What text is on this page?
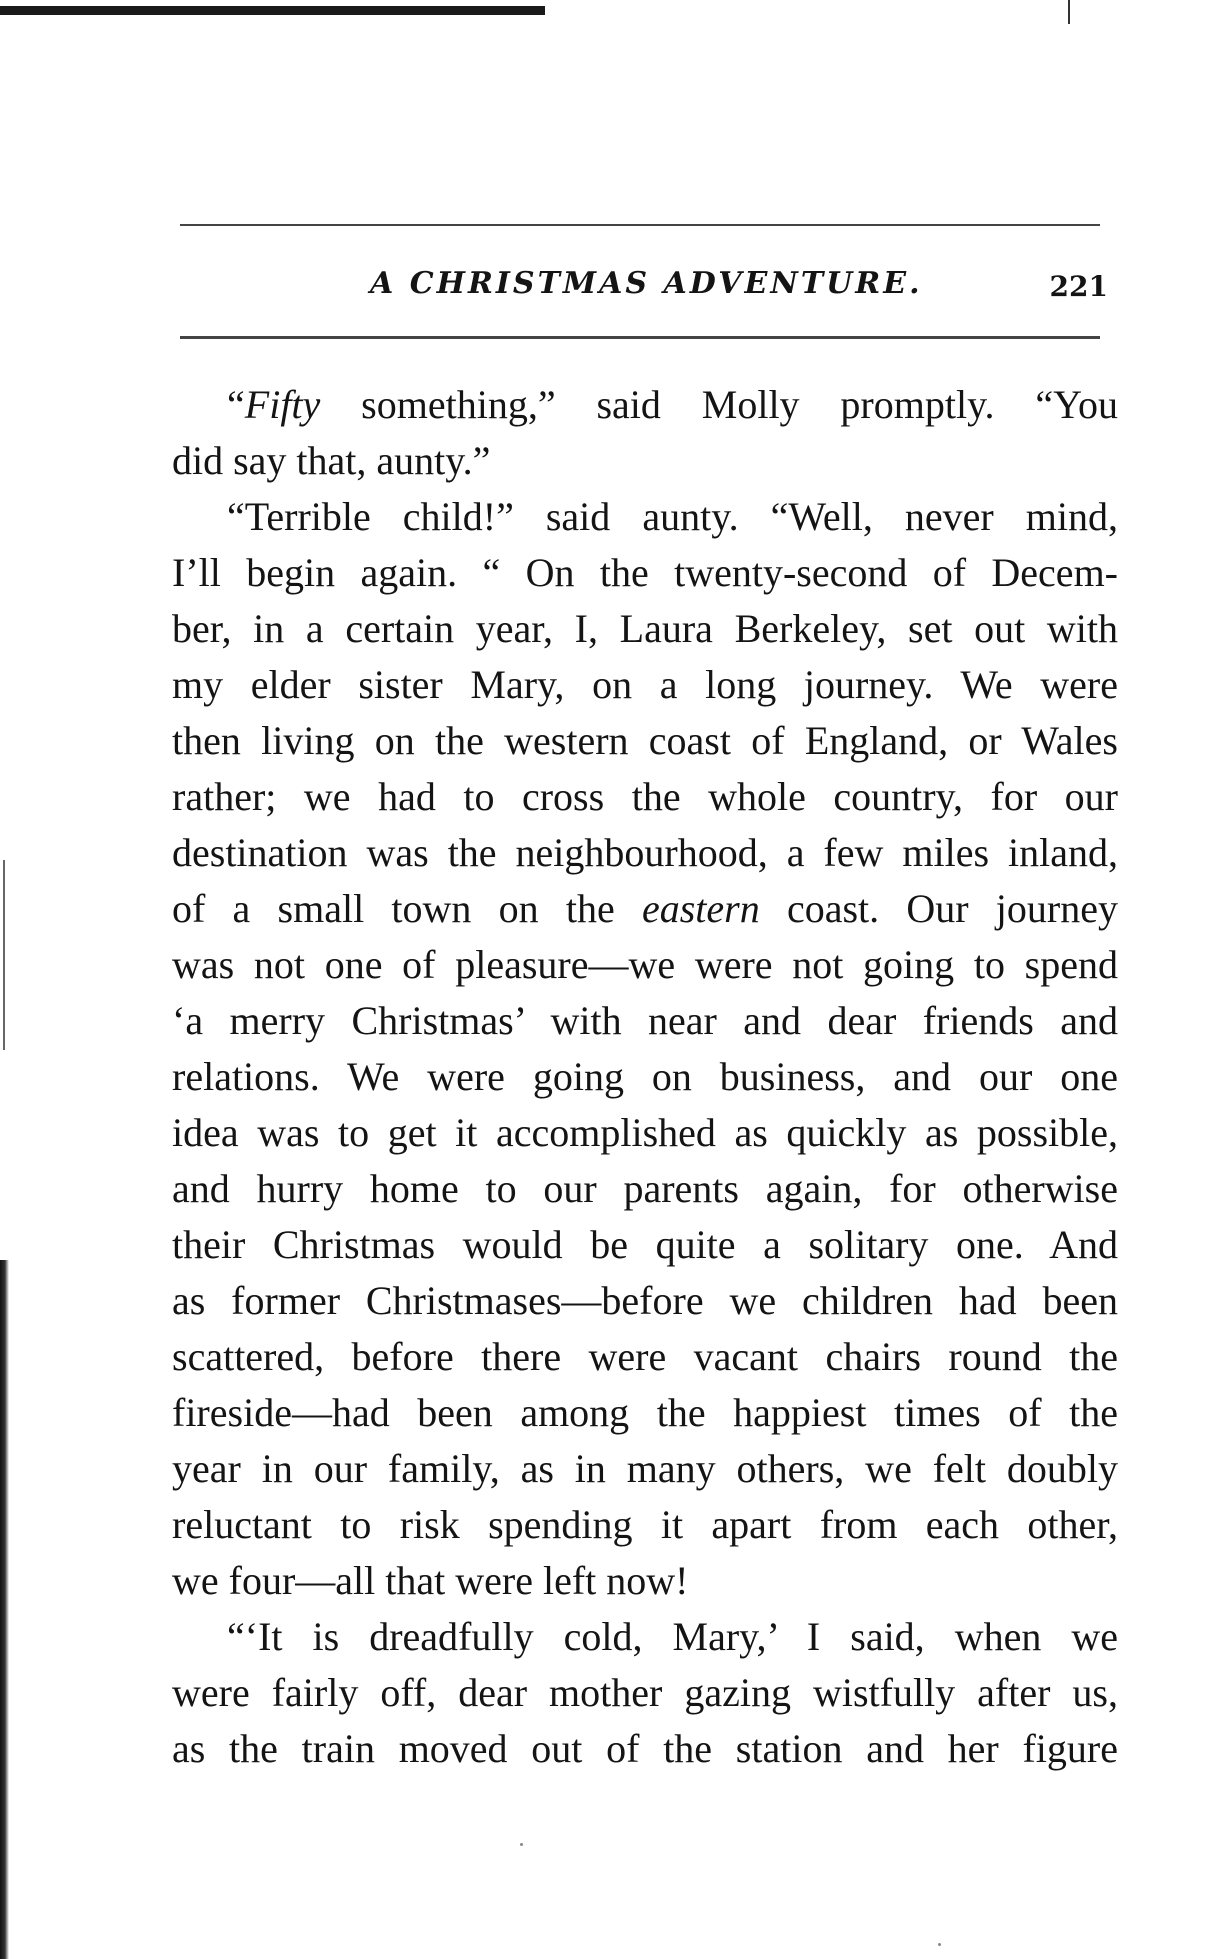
A CHRISTMAS ADVENTURE.	221
“Fifty something,” said Molly promptly. “You
did say that, aunty.”
“Terrible child!” said aunty. “Well, never mind,
I’ll begin again. “ On the twenty-second of Decem-
ber, in a certain year, I, Laura Berkeley, set out with
my elder sister Mary, on a long journey. We were
then living on the western coast of England, or Wales
rather; we had to cross the whole country, for our
destination was the neighbourhood, a few miles inland,
of a small town on the eastern coast. Our journey
was not one of pleasure—we were not going to spend
‘a merry Christmas’ with near and dear friends and
relations. We were going on business, and our one
idea was to get it accomplished as quickly as possible,
and hurry home to our parents again, for otherwise
their Christmas would be quite a solitary one. And
as former Christmases—before we children had been
scattered, before there were vacant chairs round the
fireside—had been among the happiest times of the
year in our family, as in many others, we felt doubly
reluctant to risk spending it apart from each other,
we four—all that were left now!
“‘It is dreadfully cold, Mary,’ I said, when we
were fairly off, dear mother gazing wistfully after us,
as the train moved out of the station and her figure
